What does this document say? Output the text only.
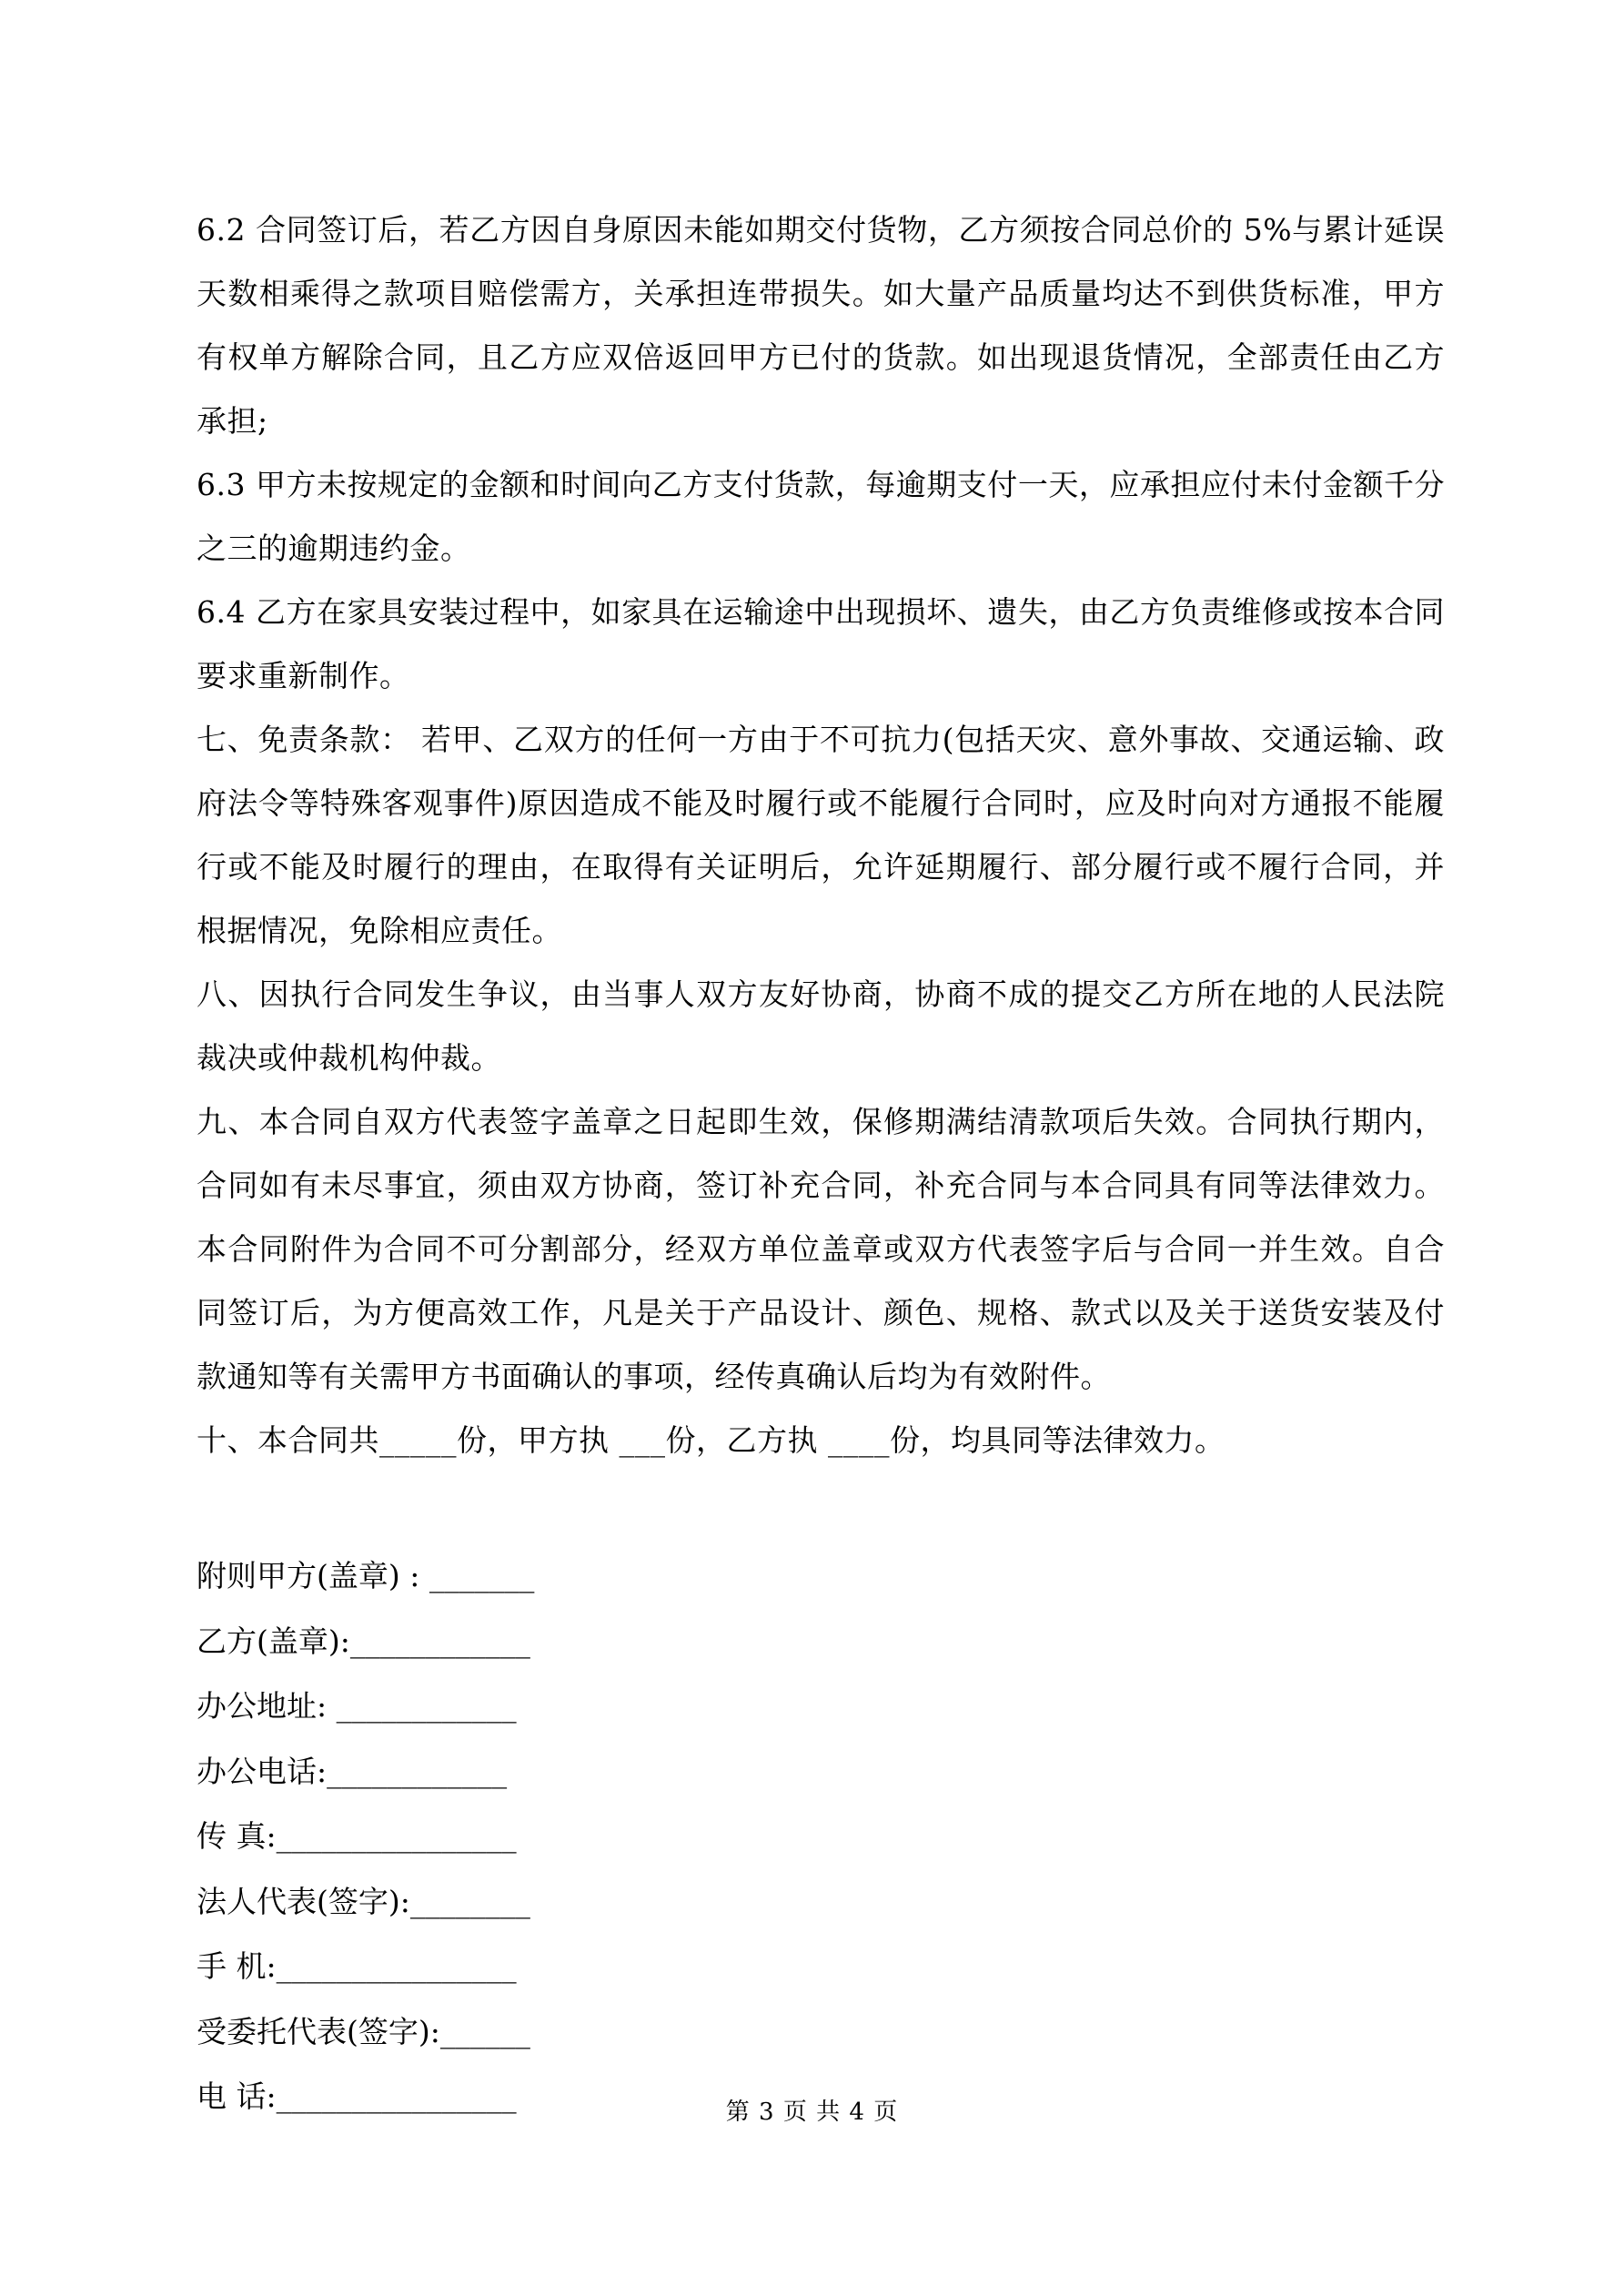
6.2 合同签订后，若乙方因自身原因未能如期交付货物，乙方须按合同总价的 5%与累计延误天数相乘得之款项目赔偿需方，关承担连带损失。如大量产品质量均达不到供货标准，甲方有权单方解除合同，且乙方应双倍返回甲方已付的货款。如出现退货情况，全部责任由乙方承担;

6.3 甲方未按规定的金额和时间向乙方支付货款，每逾期支付一天，应承担应付未付金额千分之三的逾期违约金。

6.4 乙方在家具安装过程中，如家具在运输途中出现损坏、遗失，由乙方负责维修或按本合同要求重新制作。

七、免责条款： 若甲、乙双方的任何一方由于不可抗力(包括天灾、意外事故、交通运输、政府法令等特殊客观事件)原因造成不能及时履行或不能履行合同时，应及时向对方通报不能履行或不能及时履行的理由，在取得有关证明后，允许延期履行、部分履行或不履行合同，并根据情况，免除相应责任。

八、因执行合同发生争议，由当事人双方友好协商，协商不成的提交乙方所在地的人民法院裁决或仲裁机构仲裁。

九、本合同自双方代表签字盖章之日起即生效，保修期满结清款项后失效。合同执行期内，合同如有未尽事宜，须由双方协商，签订补充合同，补充合同与本合同具有同等法律效力。本合同附件为合同不可分割部分，经双方单位盖章或双方代表签字后与合同一并生效。自合同签订后，为方便高效工作，凡是关于产品设计、颜色、规格、款式以及关于送货安装及付款通知等有关需甲方书面确认的事项，经传真确认后均为有效附件。

十、本合同共_____份，甲方执 ___份，乙方执 ____份，均具同等法律效力。

附则甲方(盖章) : _______

乙方(盖章):____________

办公地址: ____________

办公电话:____________

传 真:________________

法人代表(签字):________

手 机:________________

受委托代表(签字):______

电 话:________________	第 3 页 共 4 页
